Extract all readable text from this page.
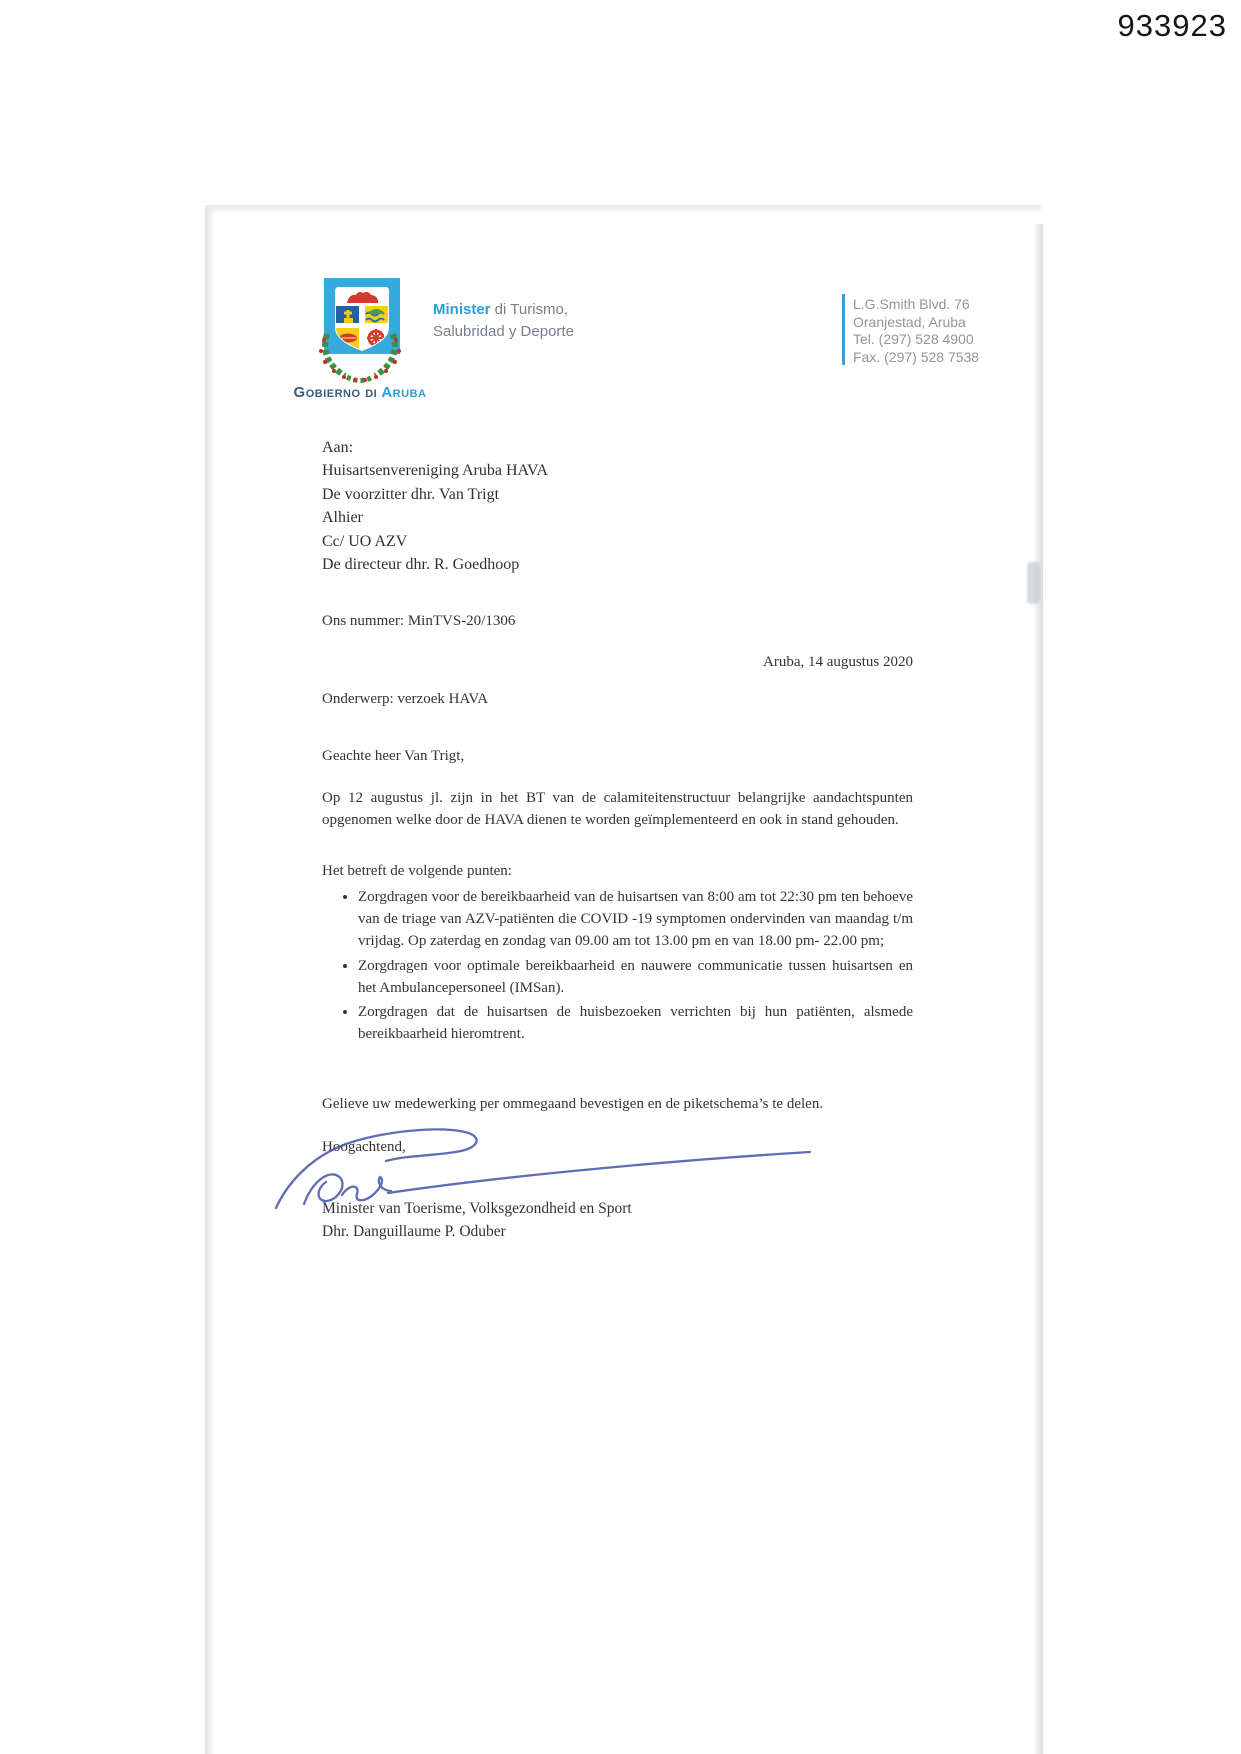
933923
Minister di Turismo,
Salubridad y Deporte
L.G.Smith Blvd. 76
Oranjestad, Aruba
Tel. (297) 528 4900
Fax. (297) 528 7538
Gobierno di Aruba
Aan:
Huisartsenvereniging Aruba HAVA
De voorzitter dhr. Van Trigt
Alhier
Cc/ UO AZV
De directeur dhr. R. Goedhoop
Ons nummer: MinTVS-20/1306
Aruba, 14 augustus 2020
Onderwerp: verzoek HAVA
Geachte heer Van Trigt,
Op 12 augustus jl. zijn in het BT van de calamiteitenstructuur belangrijke aandachtspunten opgenomen welke door de HAVA dienen te worden geïmplementeerd en ook in stand gehouden.
Het betreft de volgende punten:
• Zorgdragen voor de bereikbaarheid van de huisartsen van 8:00 am tot 22:30 pm ten behoeve van de triage van AZV-patiënten die COVID -19 symptomen ondervinden van maandag t/m vrijdag. Op zaterdag en zondag van 09.00 am tot 13.00 pm en van 18.00 pm- 22.00 pm;
• Zorgdragen voor optimale bereikbaarheid en nauwere communicatie tussen huisartsen en het Ambulancepersoneel (IMSan).
• Zorgdragen dat de huisartsen de huisbezoeken verrichten bij hun patiënten, alsmede bereikbaarheid hieromtrent.
Gelieve uw medewerking per ommegaand bevestigen en de piketschema’s te delen.
Hoogachtend,
Minister van Toerisme, Volksgezondheid en Sport
Dhr. Danguillaume P. Oduber
